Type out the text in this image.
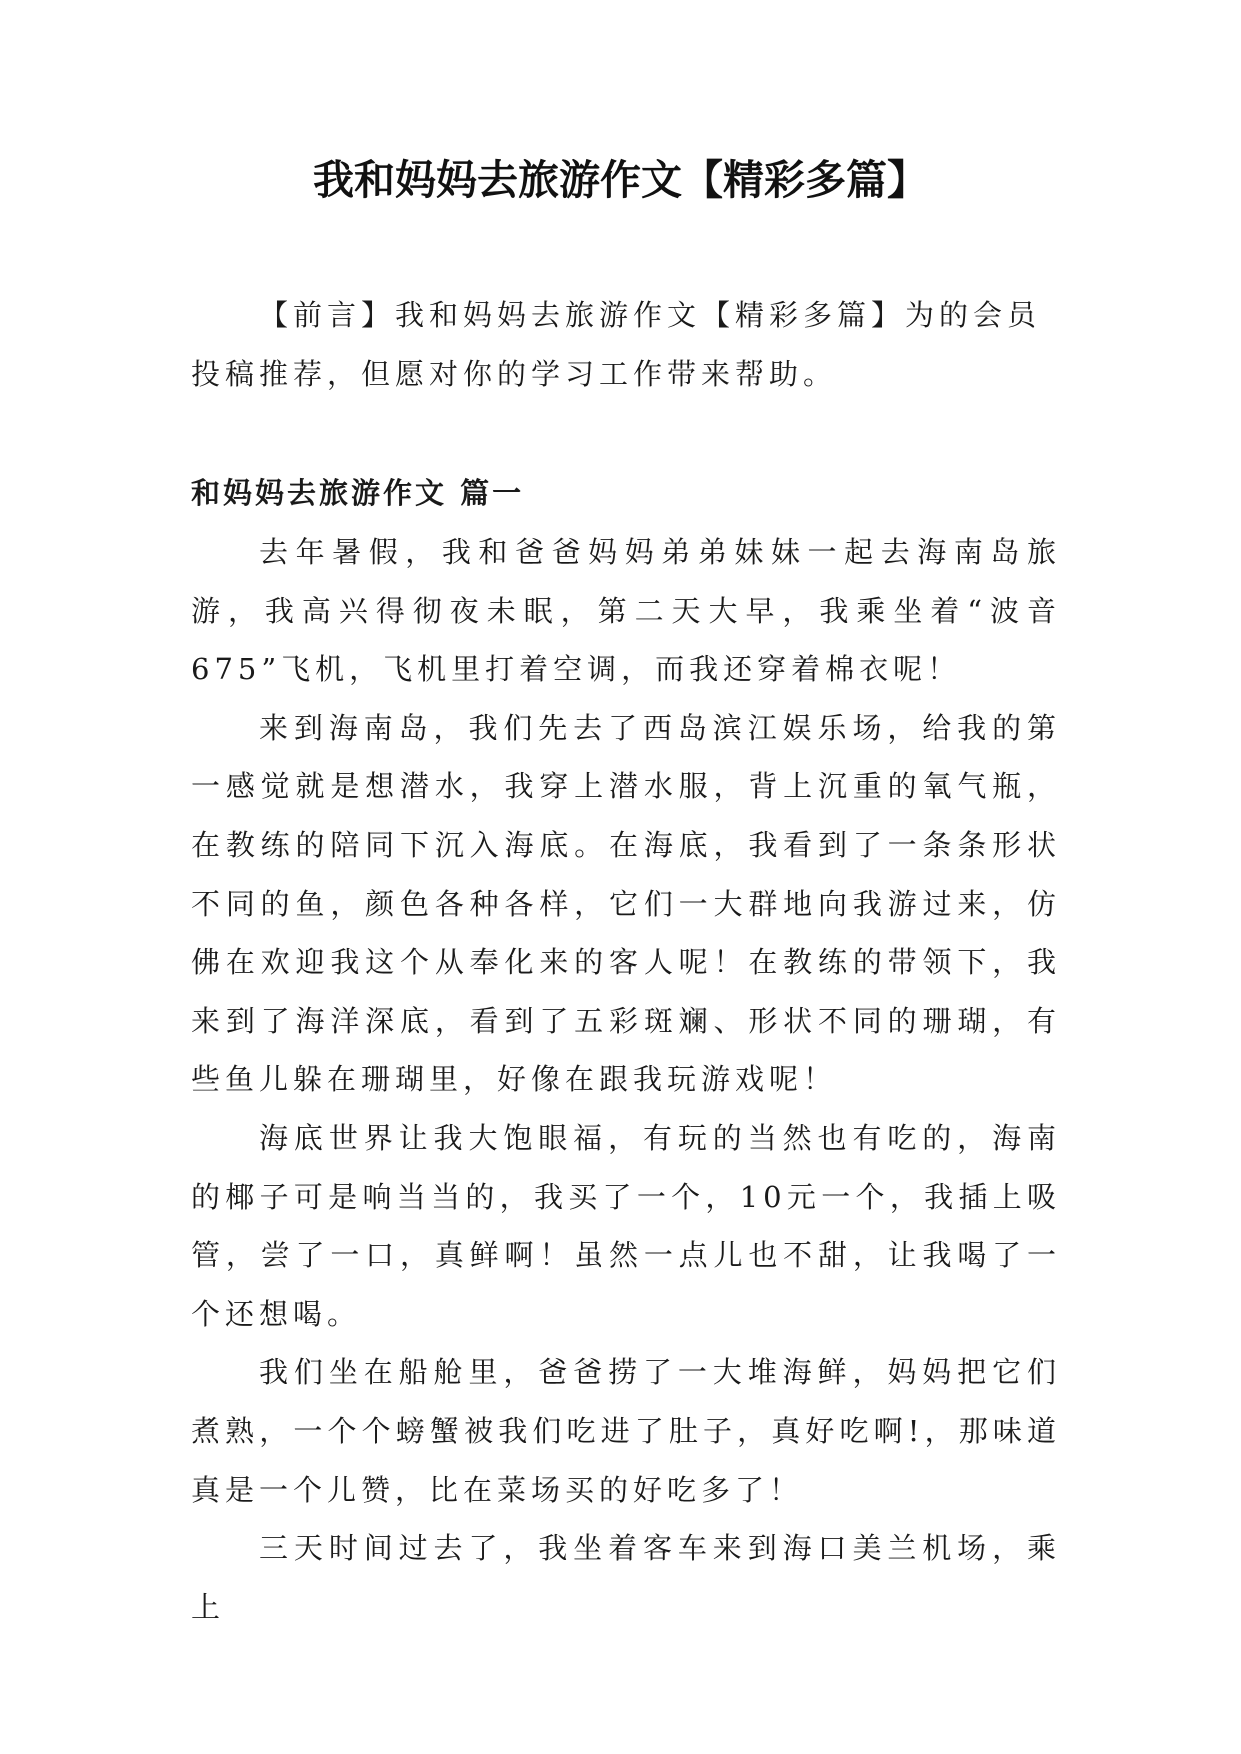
我和妈妈去旅游作文【精彩多篇】

【前言】我和妈妈去旅游作文【精彩多篇】为的会员投稿推荐，但愿对你的学习工作带来帮助。

和妈妈去旅游作文 篇一

去年暑假，我和爸爸妈妈弟弟妹妹一起去海南岛旅游，我高兴得彻夜未眠，第二天大早，我乘坐着“波音675”飞机，飞机里打着空调，而我还穿着棉衣呢！

来到海南岛，我们先去了西岛滨江娱乐场，给我的第一感觉就是想潜水，我穿上潜水服，背上沉重的氧气瓶，在教练的陪同下沉入海底。在海底，我看到了一条条形状不同的鱼，颜色各种各样，它们一大群地向我游过来，仿佛在欢迎我这个从奉化来的客人呢！在教练的带领下，我来到了海洋深底，看到了五彩斑斓、形状不同的珊瑚，有些鱼儿躲在珊瑚里，好像在跟我玩游戏呢！

海底世界让我大饱眼福，有玩的当然也有吃的，海南的椰子可是响当当的，我买了一个，10元一个，我插上吸管，尝了一口，真鲜啊！虽然一点儿也不甜，让我喝了一个还想喝。

我们坐在船舱里，爸爸捞了一大堆海鲜，妈妈把它们煮熟，一个个螃蟹被我们吃进了肚子，真好吃啊!，那味道真是一个儿赞，比在菜场买的好吃多了！

三天时间过去了，我坐着客车来到海口美兰机场，乘上
